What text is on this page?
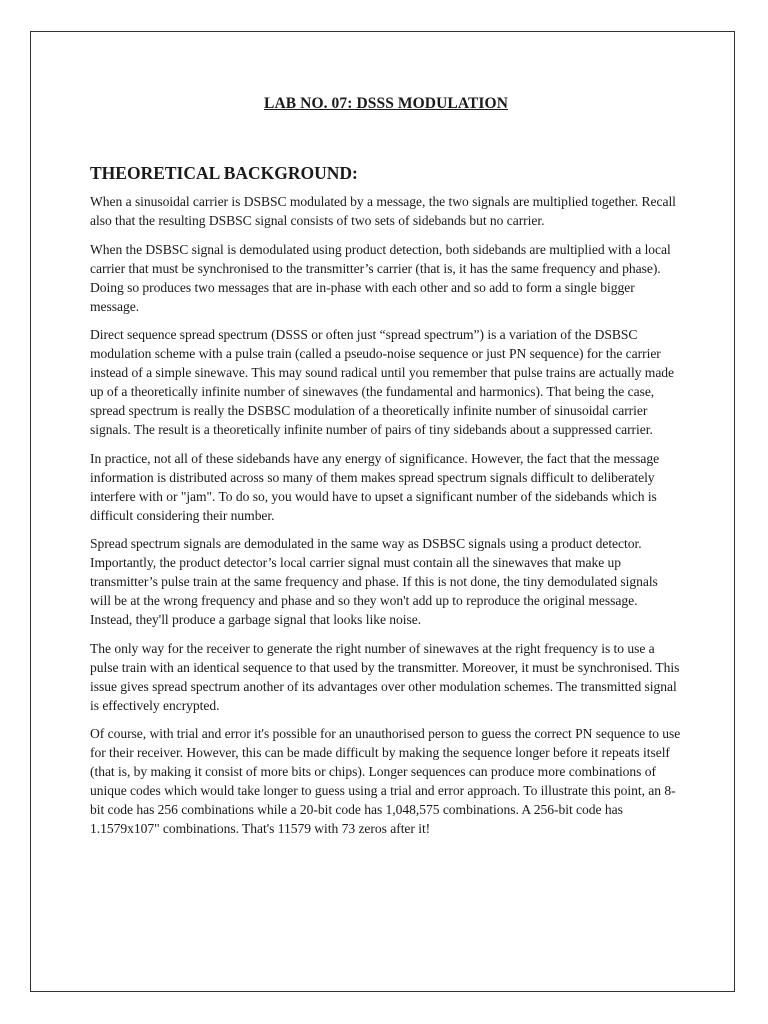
LAB NO. 07: DSSS MODULATION
THEORETICAL BACKGROUND:

When a sinusoidal carrier is DSBSC modulated by a message, the two signals are multiplied together. Recall also that the resulting DSBSC signal consists of two sets of sidebands but no carrier.

When the DSBSC signal is demodulated using product detection, both sidebands are multiplied with a local carrier that must be synchronised to the transmitter’s carrier (that is, it has the same frequency and phase). Doing so produces two messages that are in-phase with each other and so add to form a single bigger message.

Direct sequence spread spectrum (DSSS or often just “spread spectrum”) is a variation of the DSBSC modulation scheme with a pulse train (called a pseudo-noise sequence or just PN sequence) for the carrier instead of a simple sinewave. This may sound radical until you remember that pulse trains are actually made up of a theoretically infinite number of sinewaves (the fundamental and harmonics). That being the case, spread spectrum is really the DSBSC modulation of a theoretically infinite number of sinusoidal carrier signals. The result is a theoretically infinite number of pairs of tiny sidebands about a suppressed carrier.

In practice, not all of these sidebands have any energy of significance. However, the fact that the message information is distributed across so many of them makes spread spectrum signals difficult to deliberately interfere with or "jam". To do so, you would have to upset a significant number of the sidebands which is difficult considering their number.

Spread spectrum signals are demodulated in the same way as DSBSC signals using a product detector. Importantly, the product detector’s local carrier signal must contain all the sinewaves that make up transmitter’s pulse train at the same frequency and phase. If this is not done, the tiny demodulated signals will be at the wrong frequency and phase and so they won't add up to reproduce the original message. Instead, they'll produce a garbage signal that looks like noise.

The only way for the receiver to generate the right number of sinewaves at the right frequency is to use a pulse train with an identical sequence to that used by the transmitter. Moreover, it must be synchronised. This issue gives spread spectrum another of its advantages over other modulation schemes. The transmitted signal is effectively encrypted.

Of course, with trial and error it's possible for an unauthorised person to guess the correct PN sequence to use for their receiver. However, this can be made difficult by making the sequence longer before it repeats itself (that is, by making it consist of more bits or chips). Longer sequences can produce more combinations of unique codes which would take longer to guess using a trial and error approach. To illustrate this point, an 8-bit code has 256 combinations while a 20-bit code has 1,048,575 combinations. A 256-bit code has 1.1579x107" combinations. That's 11579 with 73 zeros after it!
